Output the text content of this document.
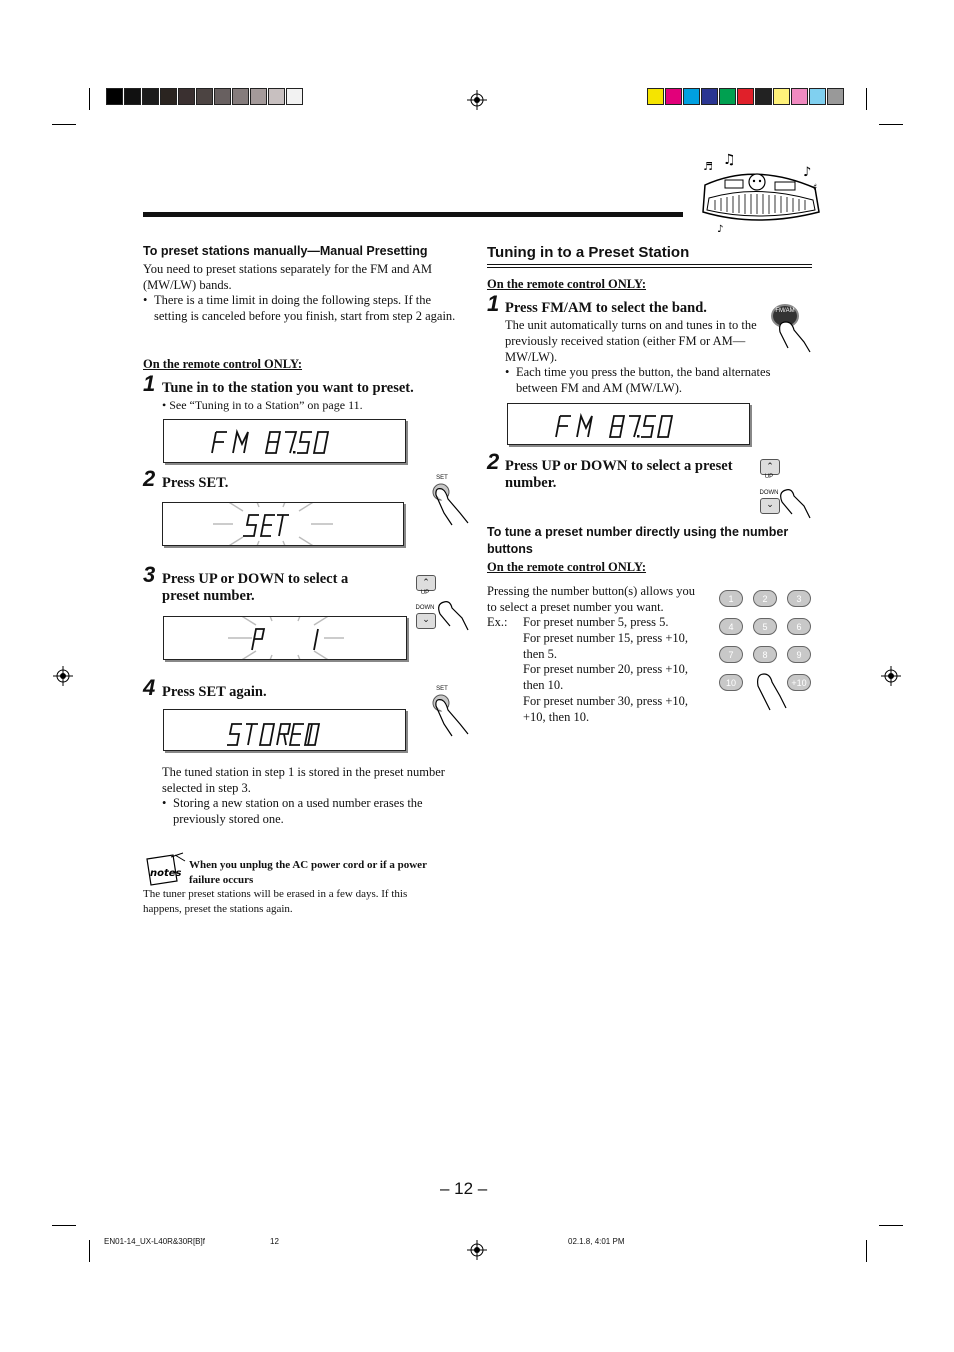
♫
♬	♪
♯
♪
To preset stations manually—Manual Presetting
You need to preset stations separately for the FM and AM (MW/LW) bands.
• There is a time limit in doing the following steps. If the setting is canceled before you finish, start from step 2 again.
On the remote control ONLY:
1 Tune in to the station you want to preset.
• See “Tuning in to a Station” on page 11.
2 Press SET.	SET
3 Press UP or DOWN to select a preset number.
⌃
UP
DOWN
⌄
4 Press SET again.	SET
The tuned station in step 1 is stored in the preset number selected in step 3.
• Storing a new station on a used number erases the previously stored one.
notes
When you unplug the AC power cord or if a power failure occurs
The tuner preset stations will be erased in a few days. If this happens, preset the stations again.
Tuning in to a Preset Station
On the remote control ONLY:
1 Press FM/AM to select the band.
The unit automatically turns on and tunes in to the previously received station (either FM or AM—MW/LW).
• Each time you press the button, the band alternates between FM and AM (MW/LW).
FM/AM
2 Press UP or DOWN to select a preset number.
⌃
UP
DOWN
⌄
To tune a preset number directly using the number buttons
On the remote control ONLY:
Pressing the number button(s) allows you to select a preset number you want.
Ex.: For preset number 5, press 5.
For preset number 15, press +10, then 5.
For preset number 20, press +10, then 10.
For preset number 30, press +10, +10, then 10.
1	2	3
4	5	6
7	8	9
10	+10
– 12 –
EN01-14_UX-L40R&30R[B]f	12	02.1.8, 4:01 PM
